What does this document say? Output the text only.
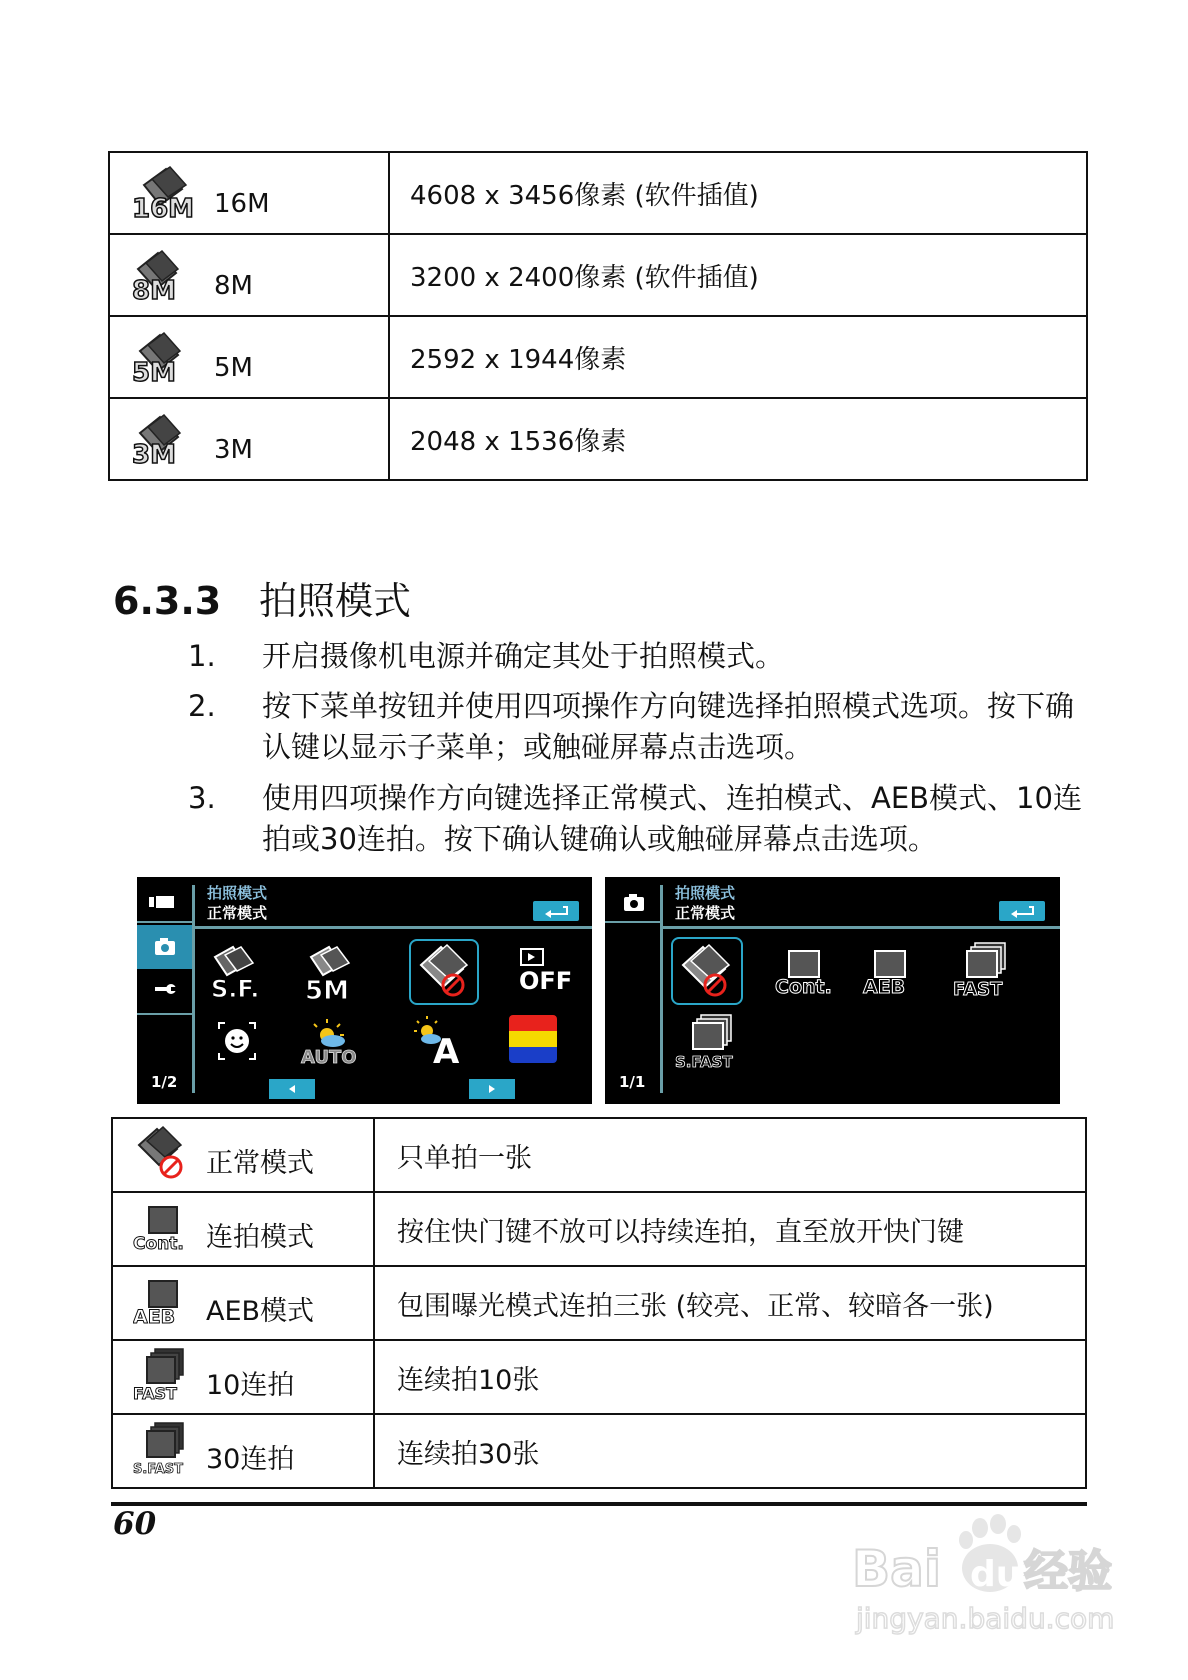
16M 16M	4608 x 3456像素 (软件插值)

8M 8M	3200 x 2400像素 (软件插值)

5M 5M	2592 x 1944像素

3M 3M	2048 x 1536像素
6.3.3 拍照模式
1.	开启摄像机电源并确定其处于拍照模式。
2.	按下菜单按钮并使用四项操作方向键选择拍照模式选项。按下确认键以显示子菜单；或触碰屏幕点击选项。
3.	使用四项操作方向键选择正常模式、连拍模式、AEB模式、10连拍或30连拍。按下确认键确认或触碰屏幕点击选项。
1/2
拍照模式
正常模式
S.F. 5M	OFF
AUTO A
1/1
拍照模式
正常模式
Cont. AEB	FAST
S.FAST
正常模式	只单拍一张

Cont. 连拍模式	按住快门键不放可以持续连拍，直至放开快门键

AEB AEB模式	包围曝光模式连拍三张 (较亮、正常、较暗各一张)

FAST 10连拍	连续拍10张

S.FAST 30连拍	连续拍30张
60
Bai du 经验
jingyan.baidu.com
